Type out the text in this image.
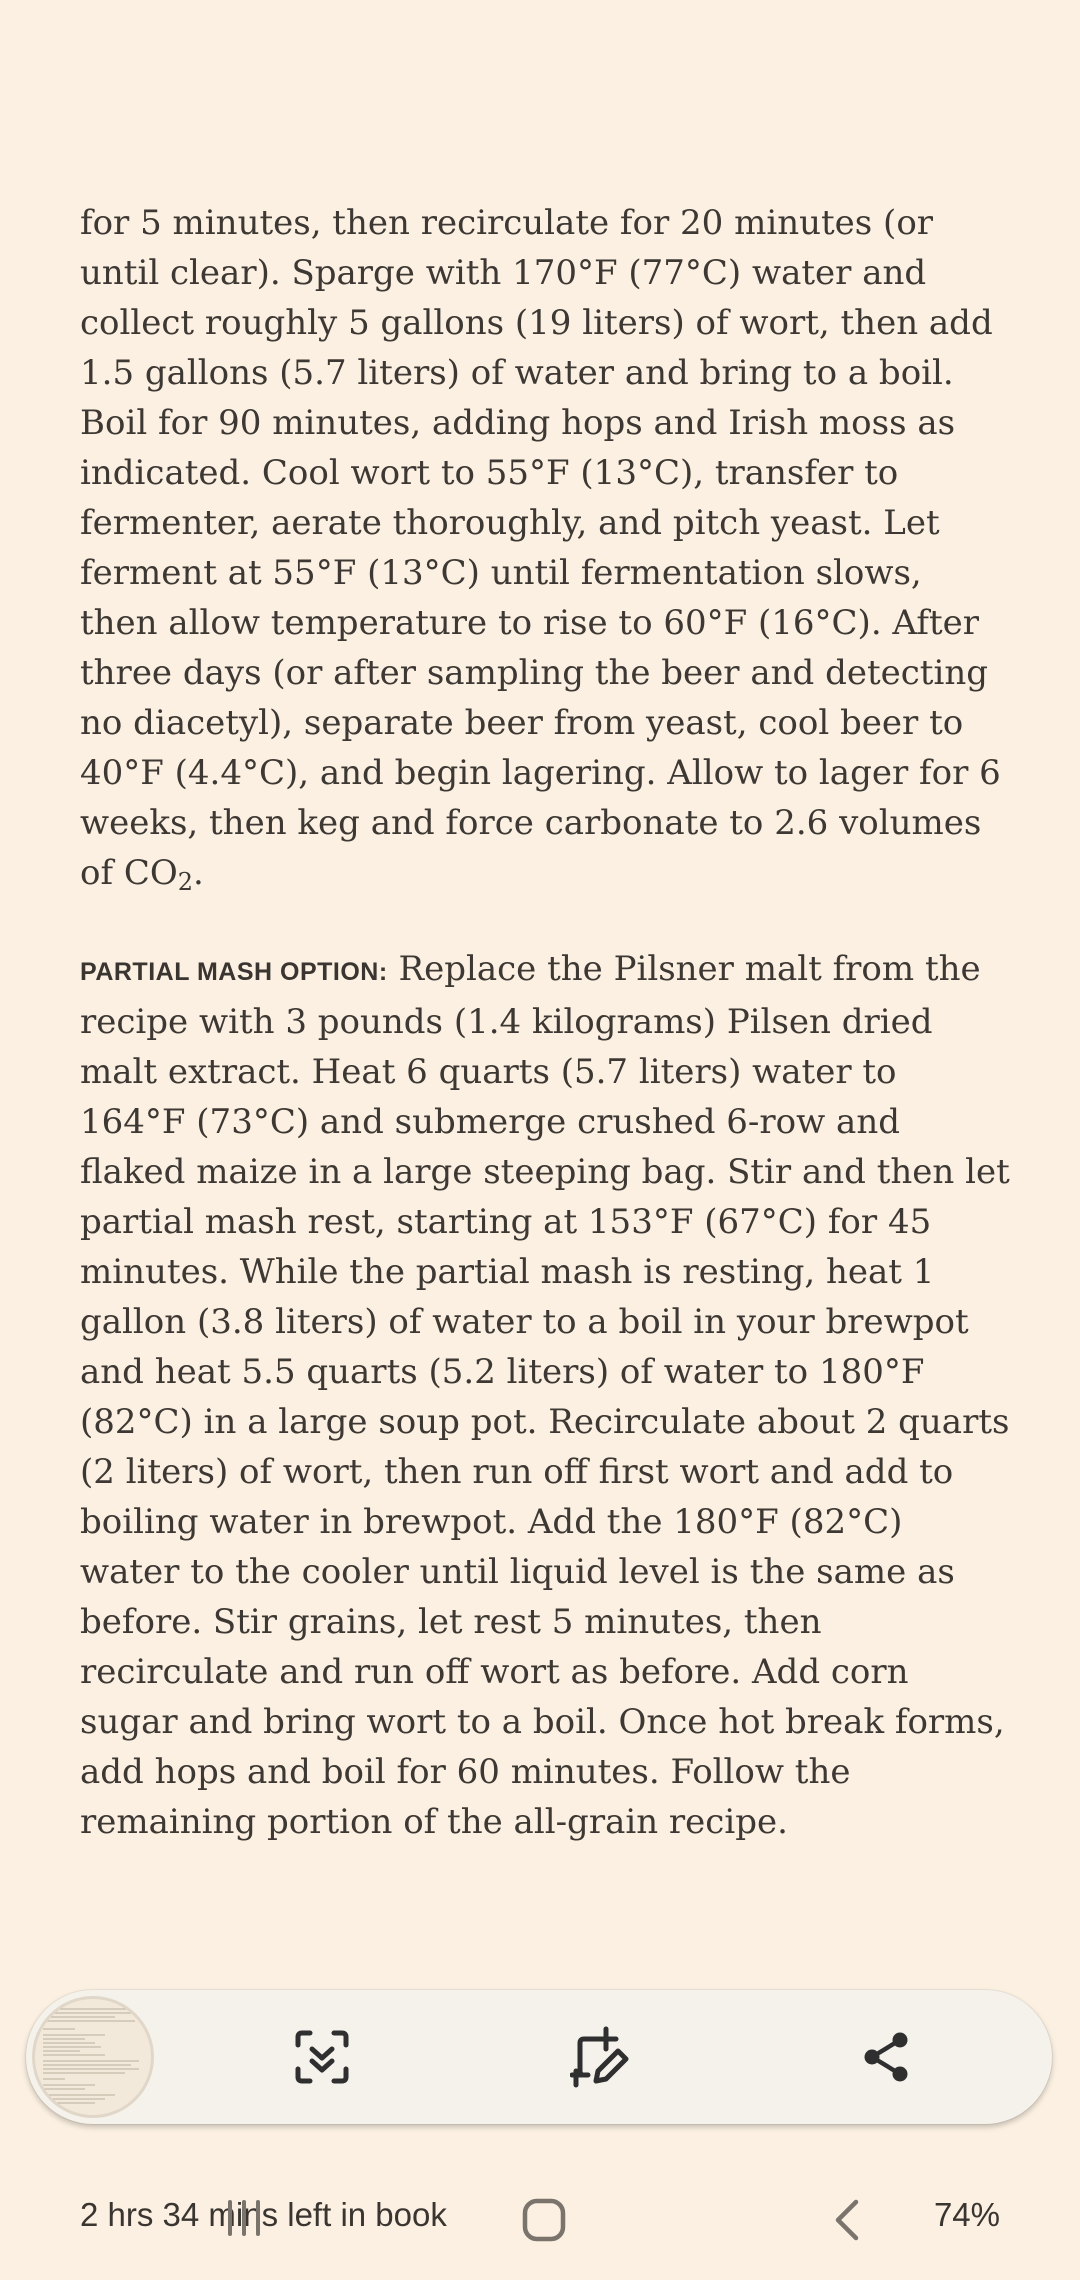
for 5 minutes, then recirculate for 20 minutes (or until clear). Sparge with 170°F (77°C) water and collect roughly 5 gallons (19 liters) of wort, then add 1.5 gallons (5.7 liters) of water and bring to a boil. Boil for 90 minutes, adding hops and Irish moss as indicated. Cool wort to 55°F (13°C), transfer to fermenter, aerate thoroughly, and pitch yeast. Let ferment at 55°F (13°C) until fermentation slows, then allow temperature to rise to 60°F (16°C). After three days (or after sampling the beer and detecting no diacetyl), separate beer from yeast, cool beer to 40°F (4.4°C), and begin lagering. Allow to lager for 6 weeks, then keg and force carbonate to 2.6 volumes of $CO_2$.

PARTIAL MASH OPTION: Replace the Pilsner malt from the recipe with 3 pounds (1.4 kilograms) Pilsen dried malt extract. Heat 6 quarts (5.7 liters) water to 164°F (73°C) and submerge crushed 6-row and flaked maize in a large steeping bag. Stir and then let partial mash rest, starting at 153°F (67°C) for 45 minutes. While the partial mash is resting, heat 1 gallon (3.8 liters) of water to a boil in your brewpot and heat 5.5 quarts (5.2 liters) of water to 180°F (82°C) in a large soup pot. Recirculate about 2 quarts (2 liters) of wort, then run off first wort and add to boiling water in brewpot. Add the 180°F (82°C) water to the cooler until liquid level is the same as before. Stir grains, let rest 5 minutes, then recirculate and run off wort as before. Add corn sugar and bring wort to a boil. Once hot break forms, add hops and boil for 60 minutes. Follow the remaining portion of the all-grain recipe.

2 hrs 34 mins left in book	74%
